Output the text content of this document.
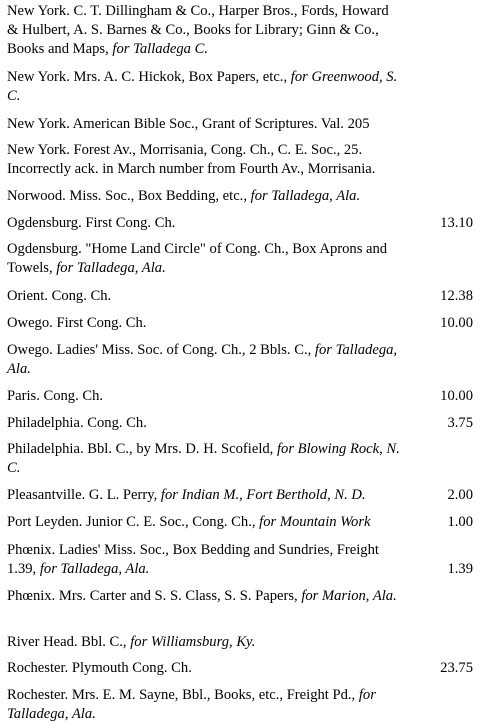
New York. C. T. Dillingham & Co., Harper Bros., Fords, Howard & Hulbert, A. S. Barnes & Co., Books for Library; Ginn & Co., Books and Maps, for Talladega C.
New York. Mrs. A. C. Hickok, Box Papers, etc., for Greenwood, S. C.
New York. American Bible Soc., Grant of Scriptures. Val. 205
New York. Forest Av., Morrisania, Cong. Ch., C. E. Soc., 25. Incorrectly ack. in March number from Fourth Av., Morrisania.
Norwood. Miss. Soc., Box Bedding, etc., for Talladega, Ala.
Ogdensburg. First Cong. Ch.	13.10
Ogdensburg. "Home Land Circle" of Cong. Ch., Box Aprons and Towels, for Talladega, Ala.
Orient. Cong. Ch.	12.38
Owego. First Cong. Ch.	10.00
Owego. Ladies' Miss. Soc. of Cong. Ch., 2 Bbls. C., for Talladega, Ala.
Paris. Cong. Ch.	10.00
Philadelphia. Cong. Ch.	3.75
Philadelphia. Bbl. C., by Mrs. D. H. Scofield, for Blowing Rock, N. C.
Pleasantville. G. L. Perry, for Indian M., Fort Berthold, N. D.	2.00
Port Leyden. Junior C. E. Soc., Cong. Ch., for Mountain Work	1.00
Phœnix. Ladies' Miss. Soc., Box Bedding and Sundries, Freight 1.39, for Talladega, Ala.	1.39
Phœnix. Mrs. Carter and S. S. Class, S. S. Papers, for Marion, Ala.
River Head. Bbl. C., for Williamsburg, Ky.
Rochester. Plymouth Cong. Ch.	23.75
Rochester. Mrs. E. M. Sayne, Bbl., Books, etc., Freight Pd., for Talladega, Ala.
